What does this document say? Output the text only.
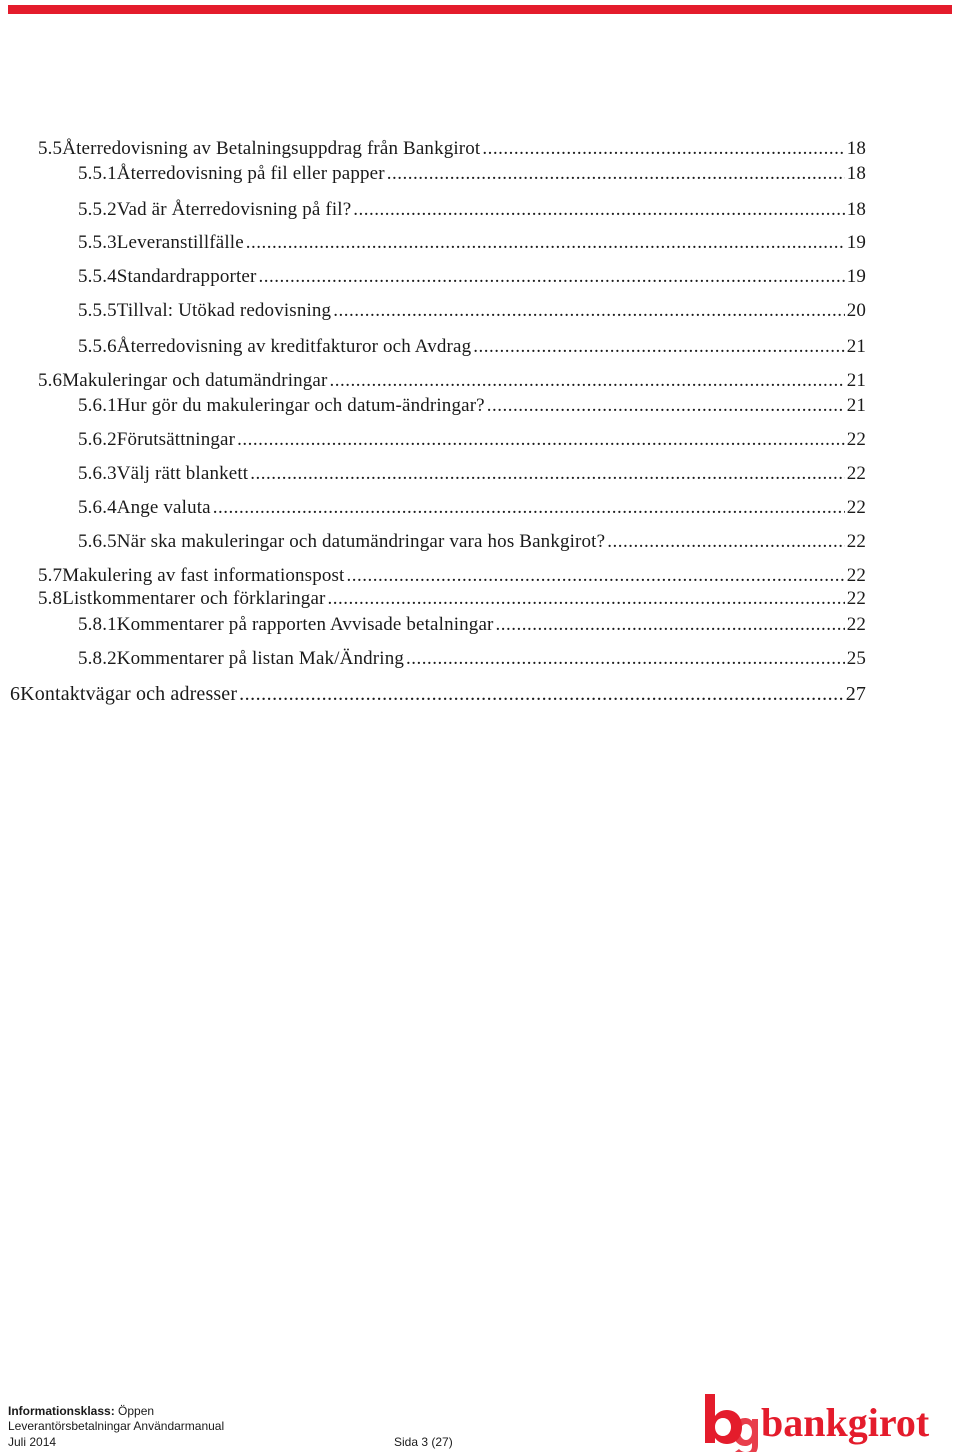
5.5 Återredovisning av Betalningsuppdrag från Bankgirot .....	18
5.5.1 Återredovisning på fil eller papper .....	18
5.5.2 Vad är Återredovisning på fil? .....	18
5.5.3 Leveranstillfälle .....	19
5.5.4 Standardrapporter .....	19
5.5.5 Tillval: Utökad redovisning .....	20
5.5.6 Återredovisning av kreditfakturor och Avdrag .....	21
5.6 Makuleringar och datumändringar .....	21
5.6.1 Hur gör du makuleringar och datum-ändringar? .....	21
5.6.2 Förutsättningar .....	22
5.6.3 Välj rätt blankett .....	22
5.6.4 Ange valuta .....	22
5.6.5 När ska makuleringar och datumändringar vara hos Bankgirot? .....	22
5.7 Makulering av fast informationspost .....	22
5.8 Listkommentarer och förklaringar .....	22
5.8.1 Kommentarer på rapporten Avvisade betalningar .....	22
5.8.2 Kommentarer på listan Mak/Ändring .....	25
6 Kontaktvägar och adresser .....	27
Informationsklass: Öppen
Leverantörsbetalningar Användarmanual
Juli 2014	Sida 3 (27)	bankgirot
